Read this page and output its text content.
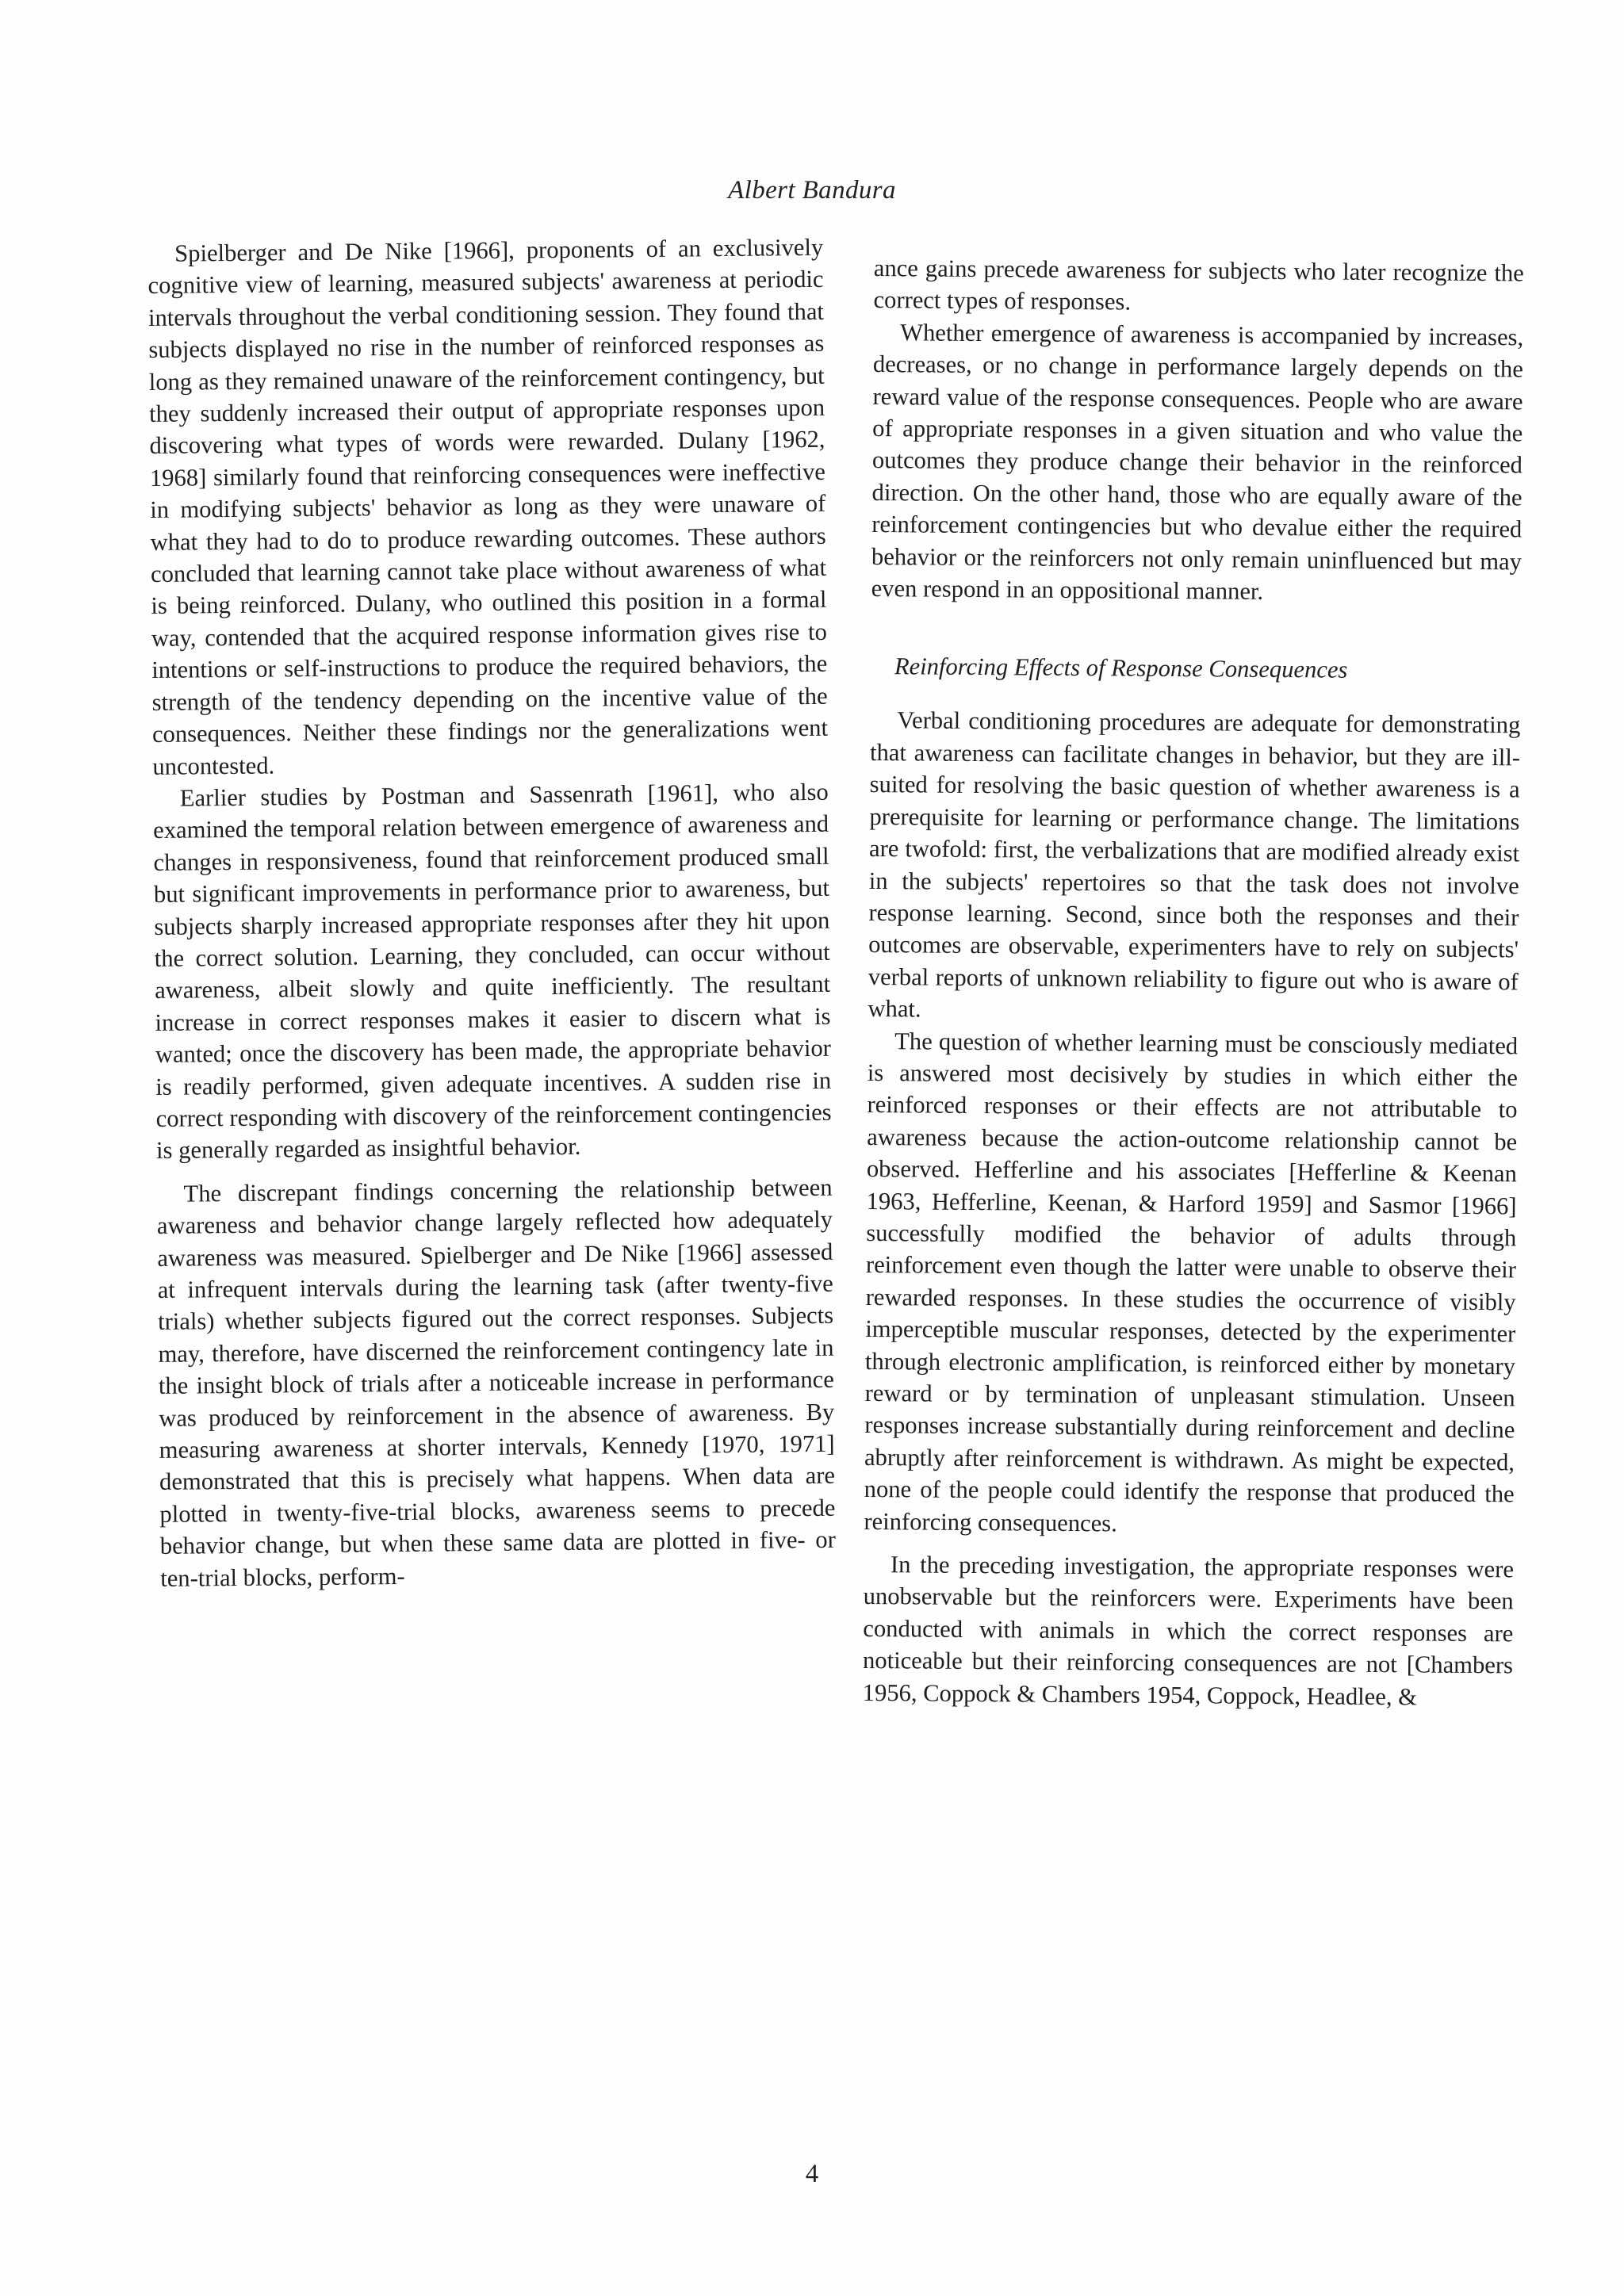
Albert Bandura

Spielberger and De Nike [1966], proponents of an exclusively cognitive view of learning, measured subjects' awareness at periodic intervals throughout the verbal conditioning session. They found that subjects displayed no rise in the number of reinforced responses as long as they remained unaware of the reinforcement contingency, but they suddenly increased their output of appropriate responses upon discovering what types of words were rewarded. Dulany [1962, 1968] similarly found that reinforcing consequences were ineffective in modifying subjects' behavior as long as they were unaware of what they had to do to produce rewarding outcomes. These authors concluded that learning cannot take place without awareness of what is being reinforced. Dulany, who outlined this position in a formal way, contended that the acquired response information gives rise to intentions or self-instructions to produce the required behaviors, the strength of the tendency depending on the incentive value of the consequences. Neither these findings nor the generalizations went uncontested.

Earlier studies by Postman and Sassenrath [1961], who also examined the temporal relation between emergence of awareness and changes in responsiveness, found that reinforcement produced small but significant improvements in performance prior to awareness, but subjects sharply increased appropriate responses after they hit upon the correct solution. Learning, they concluded, can occur without awareness, albeit slowly and quite inefficiently. The resultant increase in correct responses makes it easier to discern what is wanted; once the discovery has been made, the appropriate behavior is readily performed, given adequate incentives. A sudden rise in correct responding with discovery of the reinforcement contingencies is generally regarded as insightful behavior.

The discrepant findings concerning the relationship between awareness and behavior change largely reflected how adequately awareness was measured. Spielberger and De Nike [1966] assessed at infrequent intervals during the learning task (after twenty-five trials) whether subjects figured out the correct responses. Subjects may, therefore, have discerned the reinforcement contingency late in the insight block of trials after a noticeable increase in performance was produced by reinforcement in the absence of awareness. By measuring awareness at shorter intervals, Kennedy [1970, 1971] demonstrated that this is precisely what happens. When data are plotted in twenty-five-trial blocks, awareness seems to precede behavior change, but when these same data are plotted in five- or ten-trial blocks, perform-

ance gains precede awareness for subjects who later recognize the correct types of responses.

Whether emergence of awareness is accompanied by increases, decreases, or no change in performance largely depends on the reward value of the response consequences. People who are aware of appropriate responses in a given situation and who value the outcomes they produce change their behavior in the reinforced direction. On the other hand, those who are equally aware of the reinforcement contingencies but who devalue either the required behavior or the reinforcers not only remain uninfluenced but may even respond in an oppositional manner.

Reinforcing Effects of Response Consequences

Verbal conditioning procedures are adequate for demonstrating that awareness can facilitate changes in behavior, but they are ill-suited for resolving the basic question of whether awareness is a prerequisite for learning or performance change. The limitations are twofold: first, the verbalizations that are modified already exist in the subjects' repertoires so that the task does not involve response learning. Second, since both the responses and their outcomes are observable, experimenters have to rely on subjects' verbal reports of unknown reliability to figure out who is aware of what.

The question of whether learning must be consciously mediated is answered most decisively by studies in which either the reinforced responses or their effects are not attributable to awareness because the action-outcome relationship cannot be observed. Hefferline and his associates [Hefferline & Keenan 1963, Hefferline, Keenan, & Harford 1959] and Sasmor [1966] successfully modified the behavior of adults through reinforcement even though the latter were unable to observe their rewarded responses. In these studies the occurrence of visibly imperceptible muscular responses, detected by the experimenter through electronic amplification, is reinforced either by monetary reward or by termination of unpleasant stimulation. Unseen responses increase substantially during reinforcement and decline abruptly after reinforcement is withdrawn. As might be expected, none of the people could identify the response that produced the reinforcing consequences.

In the preceding investigation, the appropriate responses were unobservable but the reinforcers were. Experiments have been conducted with animals in which the correct responses are noticeable but their reinforcing consequences are not [Chambers 1956, Coppock & Chambers 1954, Coppock, Headlee, &

4
